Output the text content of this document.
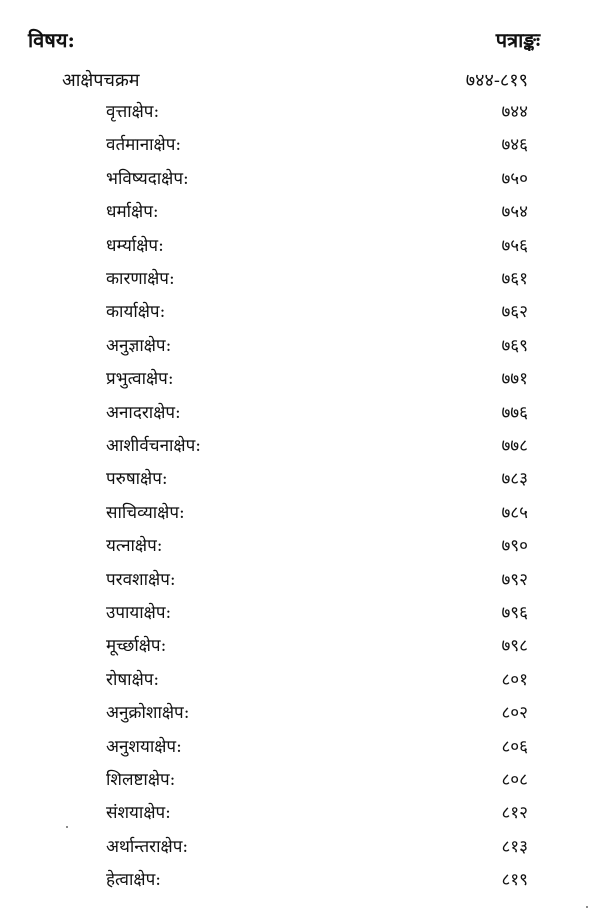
विषय:	पत्राङ्कः
आक्षेपचक्रम	७४४-८१९
वृत्ताक्षेप:	७४४
वर्तमानाक्षेप:	७४६
भविष्यदाक्षेप:	७५०
धर्माक्षेप:	७५४
धर्म्याक्षेप:	७५६
कारणाक्षेप:	७६१
कार्याक्षेप:	७६२
अनुज्ञाक्षेप:	७६९
प्रभुत्वाक्षेप:	७७१
अनादराक्षेप:	७७६
आशीर्वचनाक्षेप:	७७८
परुषाक्षेप:	७८३
साचिव्याक्षेप:	७८५
यत्नाक्षेप:	७९०
परवशाक्षेप:	७९२
उपायाक्षेप:	७९६
मूर्च्छाक्षेप:	७९८
रोषाक्षेप:	८०१
अनुक्रोशाक्षेप:	८०२
अनुशयाक्षेप:	८०६
शिलष्टाक्षेप:	८०८
संशयाक्षेप:	८१२
अर्थान्तराक्षेप:	८१३
हेत्वाक्षेप:	८१९
